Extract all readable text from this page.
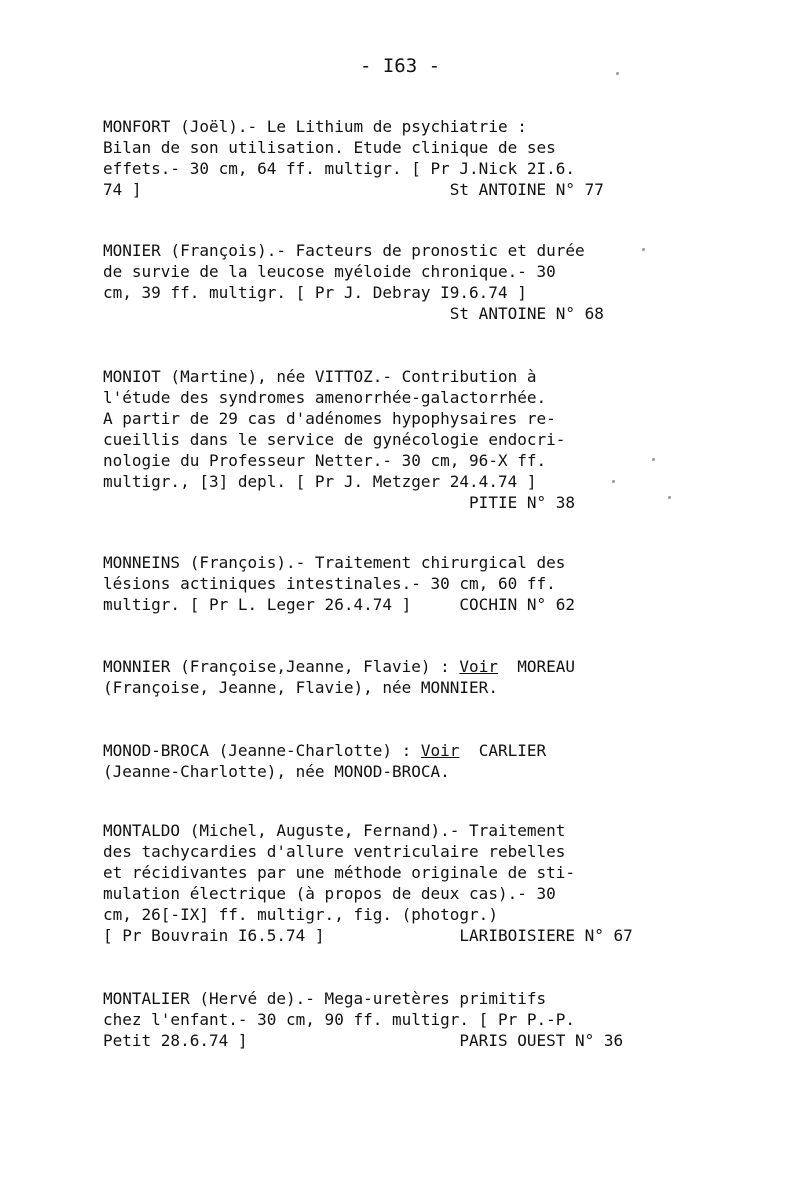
- I63 -
MONFORT (Joël).- Le Lithium de psychiatrie :
Bilan de son utilisation. Etude clinique de ses
effets.- 30 cm, 64 ff. multigr. [ Pr J.Nick 2I.6.
74 ]                                St ANTOINE N° 77
MONIER (François).- Facteurs de pronostic et durée
de survie de la leucose myéloide chronique.- 30
cm, 39 ff. multigr. [ Pr J. Debray I9.6.74 ]
St ANTOINE N° 68
MONIOT (Martine), née VITTOZ.- Contribution à
l'étude des syndromes amenorrhée-galactorrhée.
A partir de 29 cas d'adénomes hypophysaires re-
cueillis dans le service de gynécologie endocri-
nologie du Professeur Netter.- 30 cm, 96-X ff.
multigr., [3] depl. [ Pr J. Metzger 24.4.74 ]
PITIE N° 38
MONNEINS (François).- Traitement chirurgical des
lésions actiniques intestinales.- 30 cm, 60 ff.
multigr. [ Pr L. Leger 26.4.74 ]     COCHIN N° 62
MONNIER (Françoise,Jeanne, Flavie) : Voir  MOREAU
(Françoise, Jeanne, Flavie), née MONNIER.
MONOD-BROCA (Jeanne-Charlotte) : Voir  CARLIER
(Jeanne-Charlotte), née MONOD-BROCA.
MONTALDO (Michel, Auguste, Fernand).- Traitement
des tachycardies d'allure ventriculaire rebelles
et récidivantes par une méthode originale de sti-
mulation électrique (à propos de deux cas).- 30
cm, 26[-IX] ff. multigr., fig. (photogr.)
[ Pr Bouvrain I6.5.74 ]              LARIBOISIERE N° 67
MONTALIER (Hervé de).- Mega-uretères primitifs
chez l'enfant.- 30 cm, 90 ff. multigr. [ Pr P.-P.
Petit 28.6.74 ]                      PARIS OUEST N° 36
